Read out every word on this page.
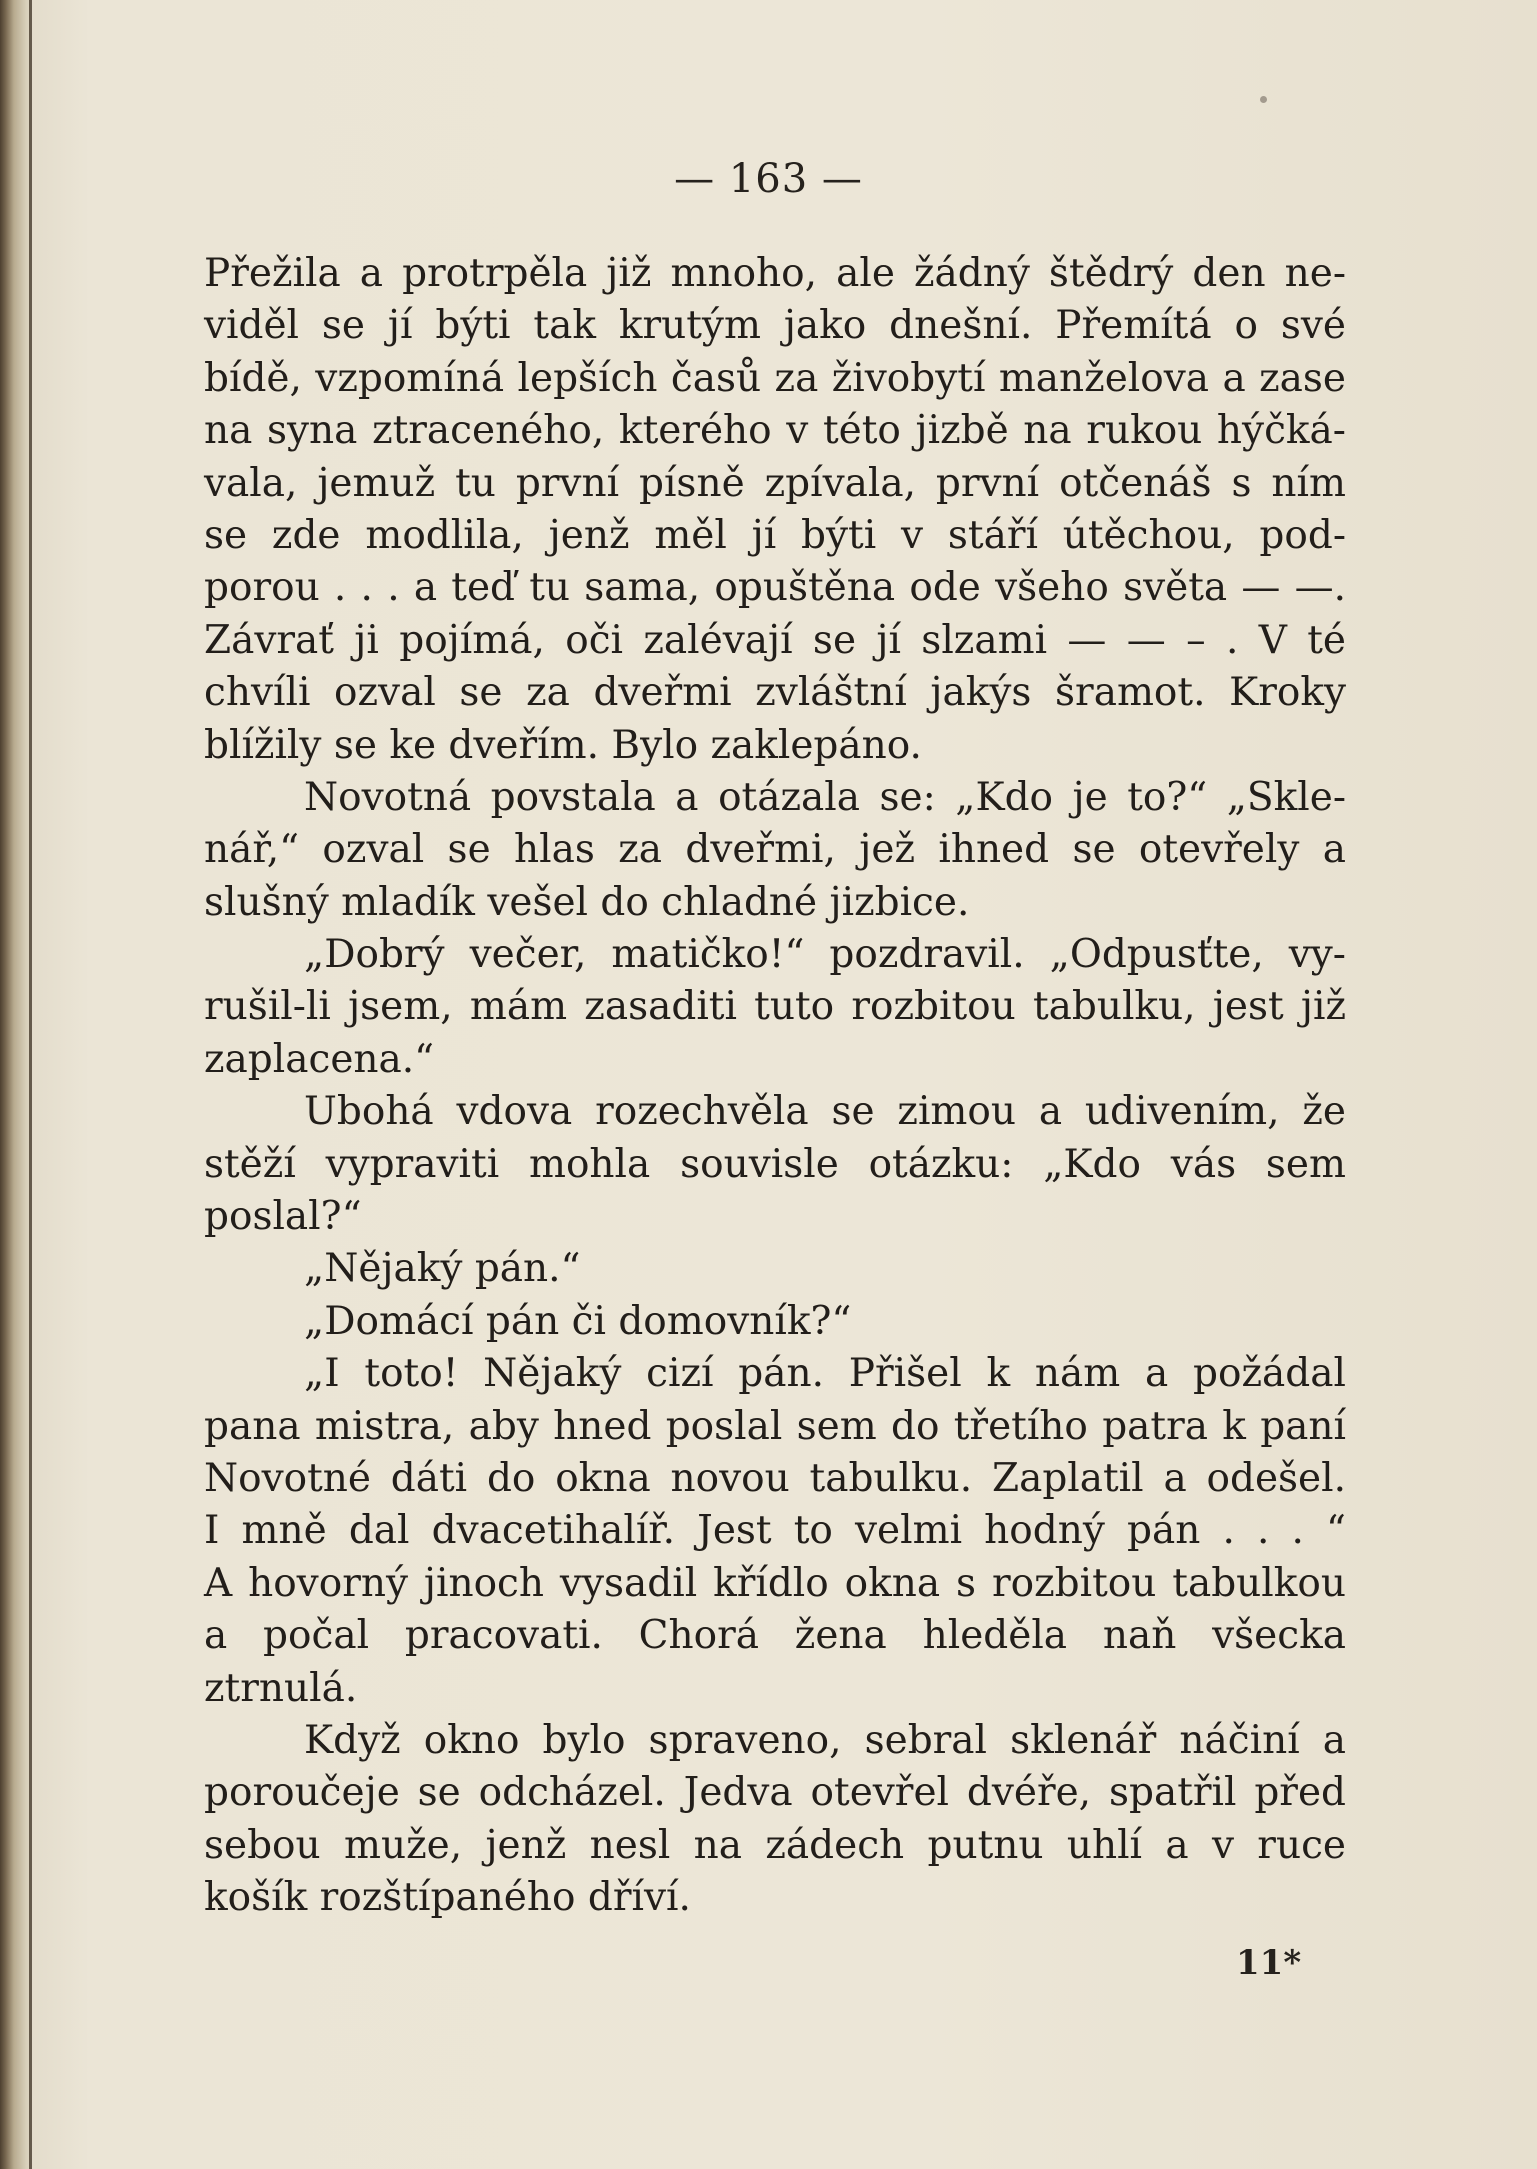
— 163 —
Přežila a protrpěla již mnoho, ale žádný štědrý den ne-
viděl se jí býti tak krutým jako dnešní. Přemítá o své
bídě, vzpomíná lepších časů za živobytí manželova a zase
na syna ztraceného, kterého v této jizbě na rukou hýčká-
vala, jemuž tu první písně zpívala, první otčenáš s ním
se zde modlila, jenž měl jí býti v stáří útěchou, pod-
porou . . . a teď tu sama, opuštěna ode všeho světa — —.
Závrať ji pojímá, oči zalévají se jí slzami — — – . V té
chvíli ozval se za dveřmi zvláštní jakýs šramot. Kroky
blížily se ke dveřím. Bylo zaklepáno.
Novotná povstala a otázala se: „Kdo je to?“ „Skle-
nář,“ ozval se hlas za dveřmi, jež ihned se otevřely a
slušný mladík vešel do chladné jizbice.
„Dobrý večer, matičko!“ pozdravil. „Odpusťte, vy-
rušil-li jsem, mám zasaditi tuto rozbitou tabulku, jest již
zaplacena.“
Ubohá vdova rozechvěla se zimou a udivením, že
stěží vypraviti mohla souvisle otázku: „Kdo vás sem
poslal?“
„Nějaký pán.“
„Domácí pán či domovník?“
„I toto! Nějaký cizí pán. Přišel k nám a požádal
pana mistra, aby hned poslal sem do třetího patra k paní
Novotné dáti do okna novou tabulku. Zaplatil a odešel.
I mně dal dvacetihalíř. Jest to velmi hodný pán . . . “
A hovorný jinoch vysadil křídlo okna s rozbitou tabulkou
a počal pracovati. Chorá žena hleděla naň všecka
ztrnulá.
Když okno bylo spraveno, sebral sklenář náčiní a
poroučeje se odcházel. Jedva otevřel dvéře, spatřil před
sebou muže, jenž nesl na zádech putnu uhlí a v ruce
košík rozštípaného dříví.
11*
